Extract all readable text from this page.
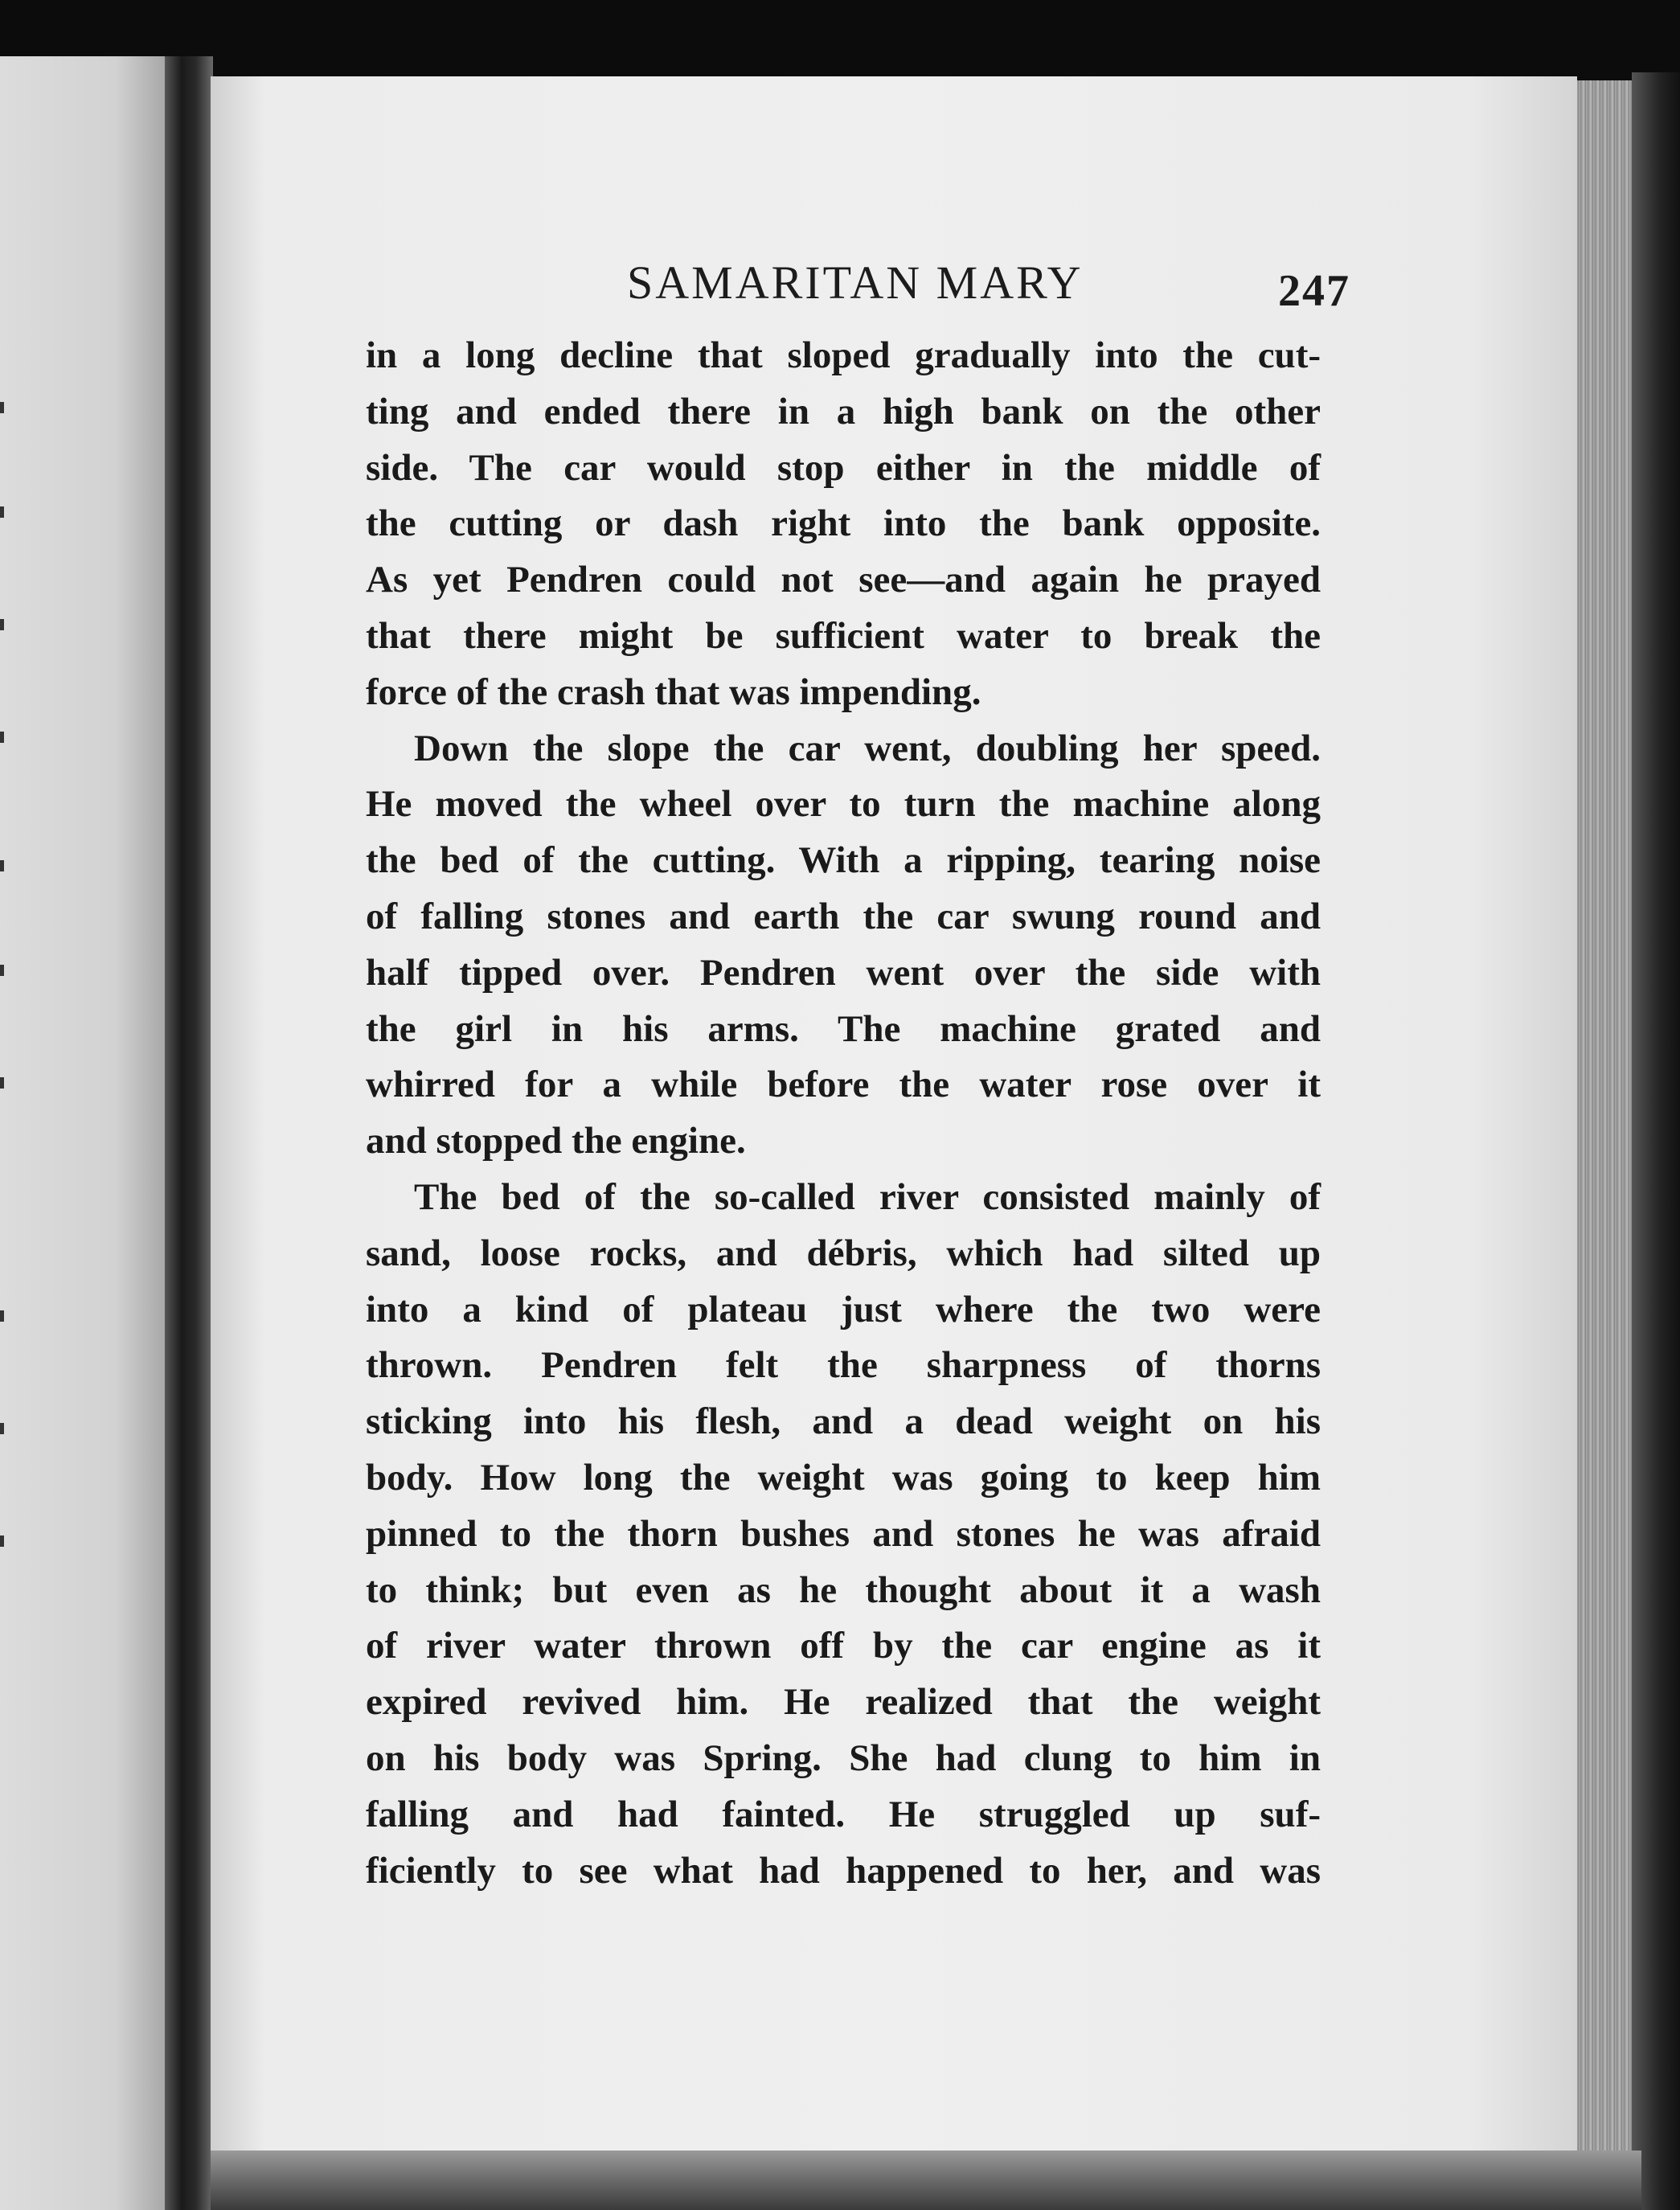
SAMARITAN MARY	247
in a long decline that sloped gradually into the cut-
ting and ended there in a high bank on the other
side. The car would stop either in the middle of
the cutting or dash right into the bank opposite.
As yet Pendren could not see—and again he prayed
that there might be sufficient water to break the
force of the crash that was impending.
Down the slope the car went, doubling her speed.
He moved the wheel over to turn the machine along
the bed of the cutting. With a ripping, tearing noise
of falling stones and earth the car swung round and
half tipped over. Pendren went over the side with
the girl in his arms. The machine grated and
whirred for a while before the water rose over it
and stopped the engine.
The bed of the so-called river consisted mainly of
sand, loose rocks, and débris, which had silted up
into a kind of plateau just where the two were
thrown. Pendren felt the sharpness of thorns
sticking into his flesh, and a dead weight on his
body. How long the weight was going to keep him
pinned to the thorn bushes and stones he was afraid
to think; but even as he thought about it a wash
of river water thrown off by the car engine as it
expired revived him. He realized that the weight
on his body was Spring. She had clung to him in
falling and had fainted. He struggled up suf-
ficiently to see what had happened to her, and was
